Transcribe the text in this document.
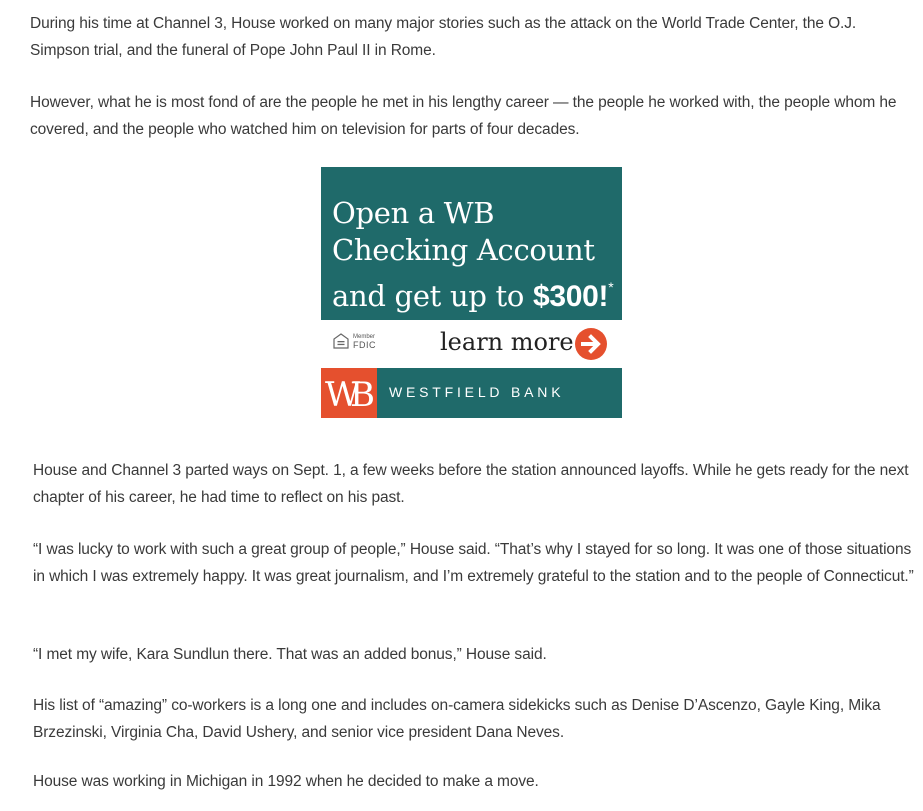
During his time at Channel 3, House worked on many major stories such as the attack on the World Trade Center, the O.J. Simpson trial, and the funeral of Pope John Paul II in Rome.

However, what he is most fond of are the people he met in his lengthy career — the people he worked with, the people whom he covered, and the people who watched him on television for parts of four decades.

House and Channel 3 parted ways on Sept. 1, a few weeks before the station announced layoffs. While he gets ready for the next chapter of his career, he had time to reflect on his past.

“I was lucky to work with such a great group of people,” House said. “That’s why I stayed for so long. It was one of those situations in which I was extremely happy. It was great journalism, and I’m extremely grateful to the station and to the people of Connecticut.”

“I met my wife, Kara Sundlun there. That was an added bonus,” House said.

His list of “amazing” co-workers is a long one and includes on-camera sidekicks such as Denise D’Ascenzo, Gayle King, Mika Brzezinski, Virginia Cha, David Ushery, and senior vice president Dana Neves.

House was working in Michigan in 1992 when he decided to make a move.

Open a WB
Checking Account
and get up to $300!*
Member
FDIC	learn more
WB	WESTFIELD BANK
